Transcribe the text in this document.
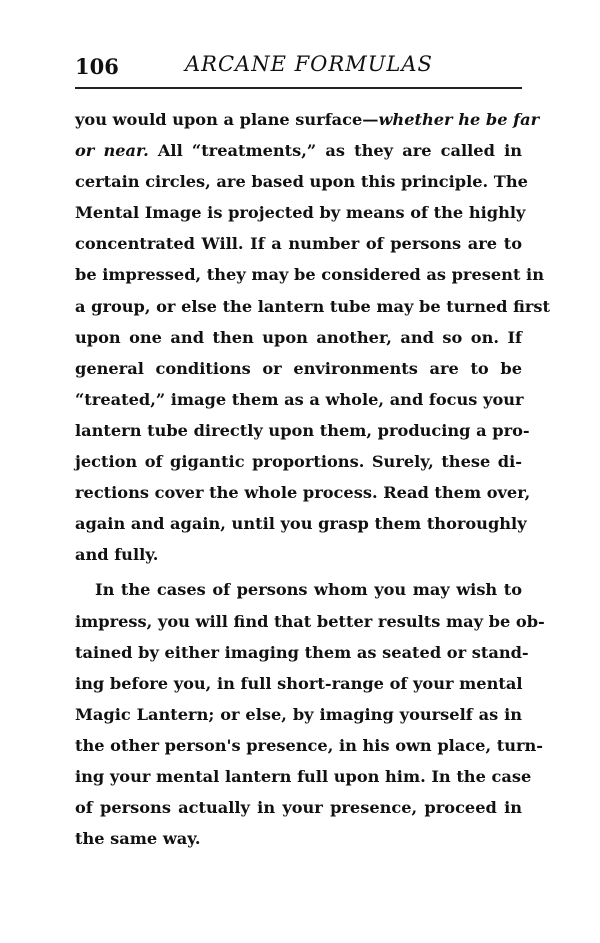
106	ARCANE FORMULAS
you would upon a plane surface—whether he be far
or near. All “treatments,” as they are called in
certain circles, are based upon this principle. The
Mental Image is projected by means of the highly
concentrated Will. If a number of persons are to
be impressed, they may be considered as present in
a group, or else the lantern tube may be turned first
upon one and then upon another, and so on. If
general conditions or environments are to be
“treated,” image them as a whole, and focus your
lantern tube directly upon them, producing a pro-
jection of gigantic proportions. Surely, these di-
rections cover the whole process. Read them over,
again and again, until you grasp them thoroughly
and fully.
In the cases of persons whom you may wish to
impress, you will find that better results may be ob-
tained by either imaging them as seated or stand-
ing before you, in full short-range of your mental
Magic Lantern; or else, by imaging yourself as in
the other person's presence, in his own place, turn-
ing your mental lantern full upon him. In the case
of persons actually in your presence, proceed in
the same way.
